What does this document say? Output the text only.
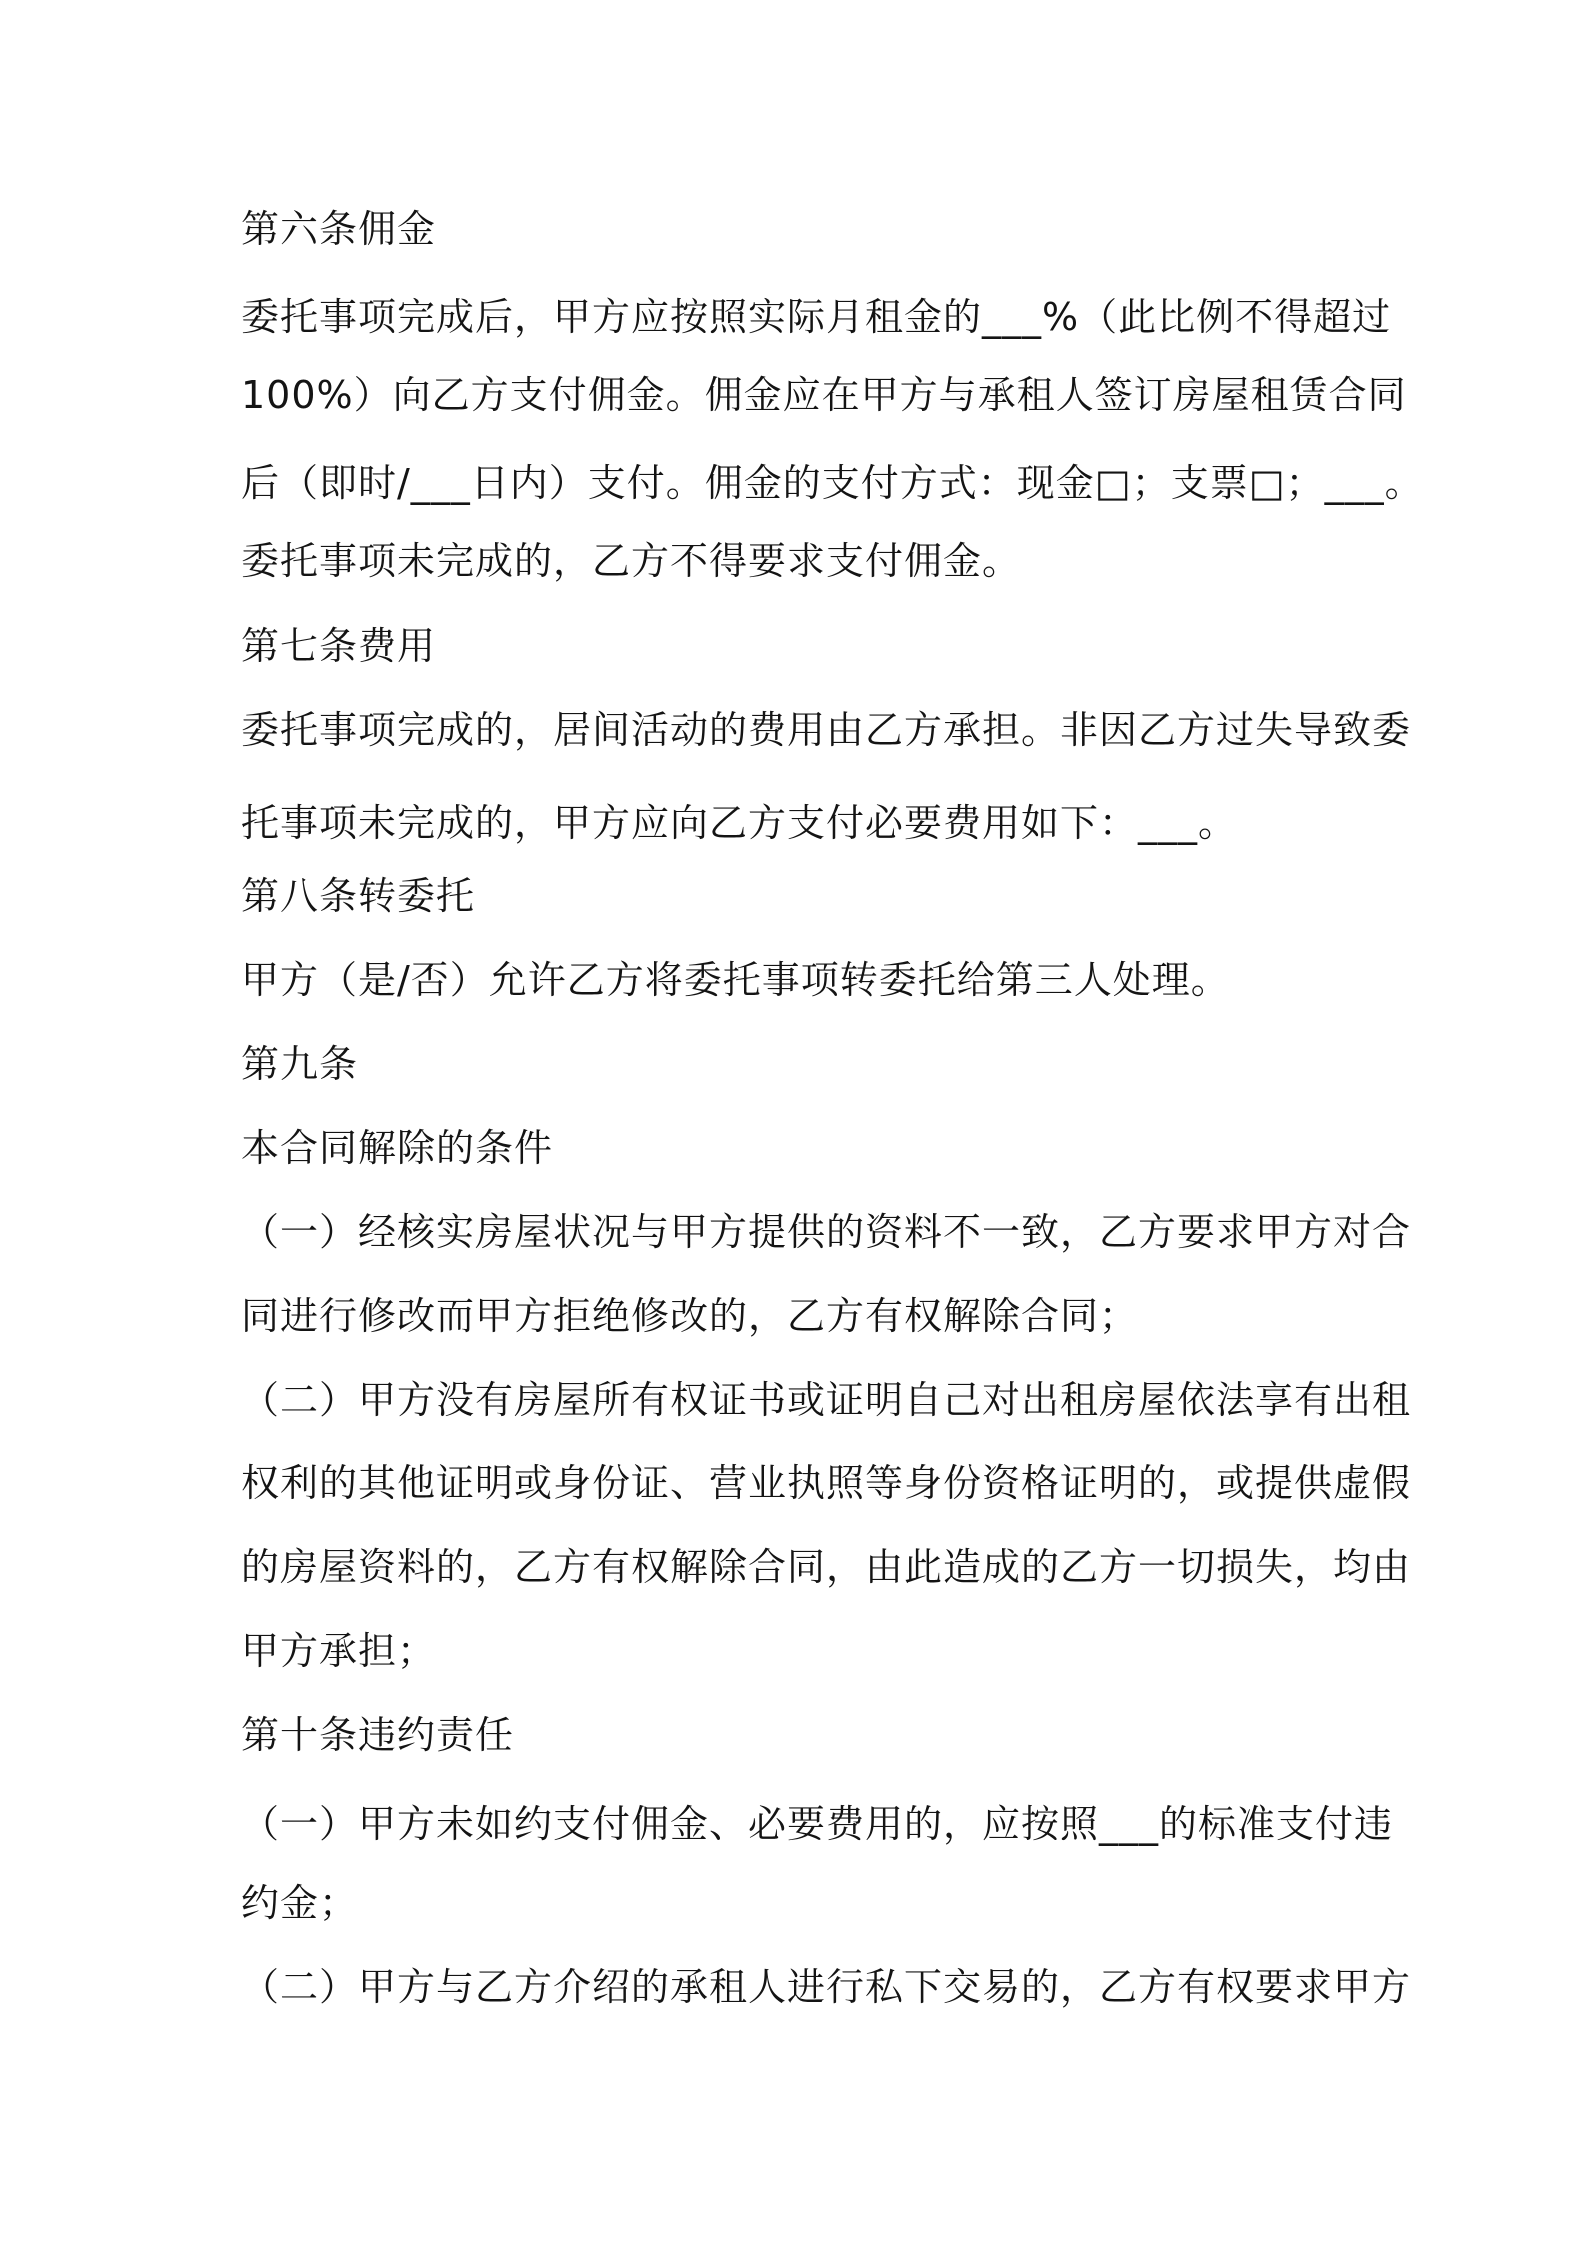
第六条佣金
委托事项完成后，甲方应按照实际月租金的___%（此比例不得超过
100%）向乙方支付佣金。佣金应在甲方与承租人签订房屋租赁合同
后（即时/___日内）支付。佣金的支付方式：现金□；支票□；___。
委托事项未完成的，乙方不得要求支付佣金。
第七条费用
委托事项完成的，居间活动的费用由乙方承担。非因乙方过失导致委
托事项未完成的，甲方应向乙方支付必要费用如下：___。
第八条转委托
甲方（是/否）允许乙方将委托事项转委托给第三人处理。
第九条
本合同解除的条件
（一）经核实房屋状况与甲方提供的资料不一致，乙方要求甲方对合
同进行修改而甲方拒绝修改的，乙方有权解除合同；
（二）甲方没有房屋所有权证书或证明自己对出租房屋依法享有出租
权利的其他证明或身份证、营业执照等身份资格证明的，或提供虚假
的房屋资料的，乙方有权解除合同，由此造成的乙方一切损失，均由
甲方承担；
第十条违约责任
（一）甲方未如约支付佣金、必要费用的，应按照___的标准支付违
约金；
（二）甲方与乙方介绍的承租人进行私下交易的，乙方有权要求甲方
